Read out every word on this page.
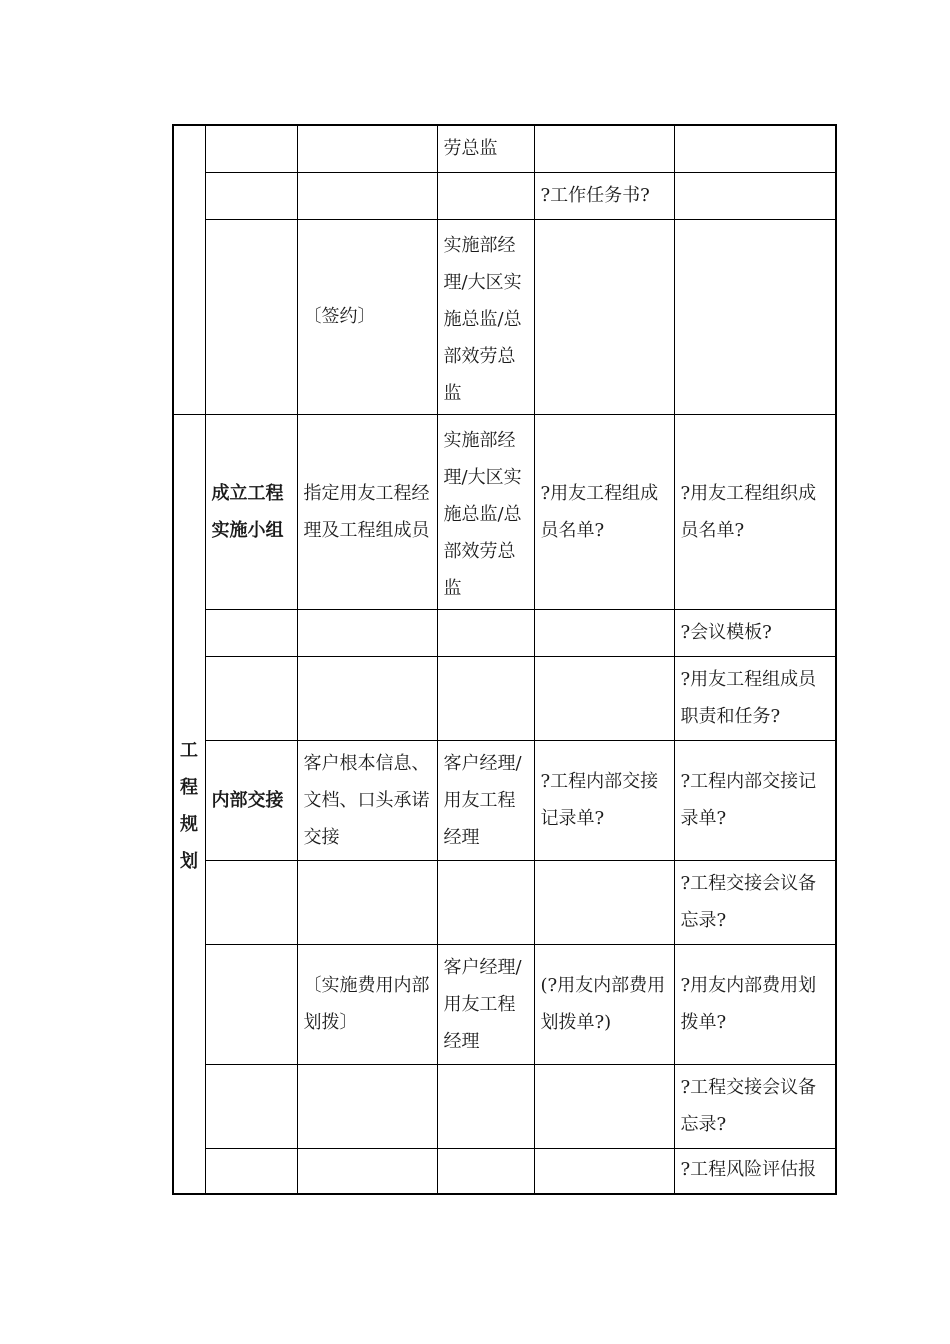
			劳总监		
				?工作任务书?	
		〔签约〕	实施部经理/大区实施总监/总部效劳总监		

工程规划	成立工程实施小组	指定用友工程经理及工程组成员	实施部经理/大区实施总监/总部效劳总监	?用友工程组成员名单?	?用友工程组织成员名单?
					?会议模板?
					?用友工程组成员职责和任务?
	内部交接	客户根本信息、文档、口头承诺交接	客户经理/用友工程经理	?工程内部交接记录单?	?工程内部交接记录单?
					?工程交接会议备忘录?
		〔实施费用内部划拨〕	客户经理/用友工程经理	(?用友内部费用划拨单?)	?用友内部费用划拨单?
					?工程交接会议备忘录?
					?工程风险评估报
